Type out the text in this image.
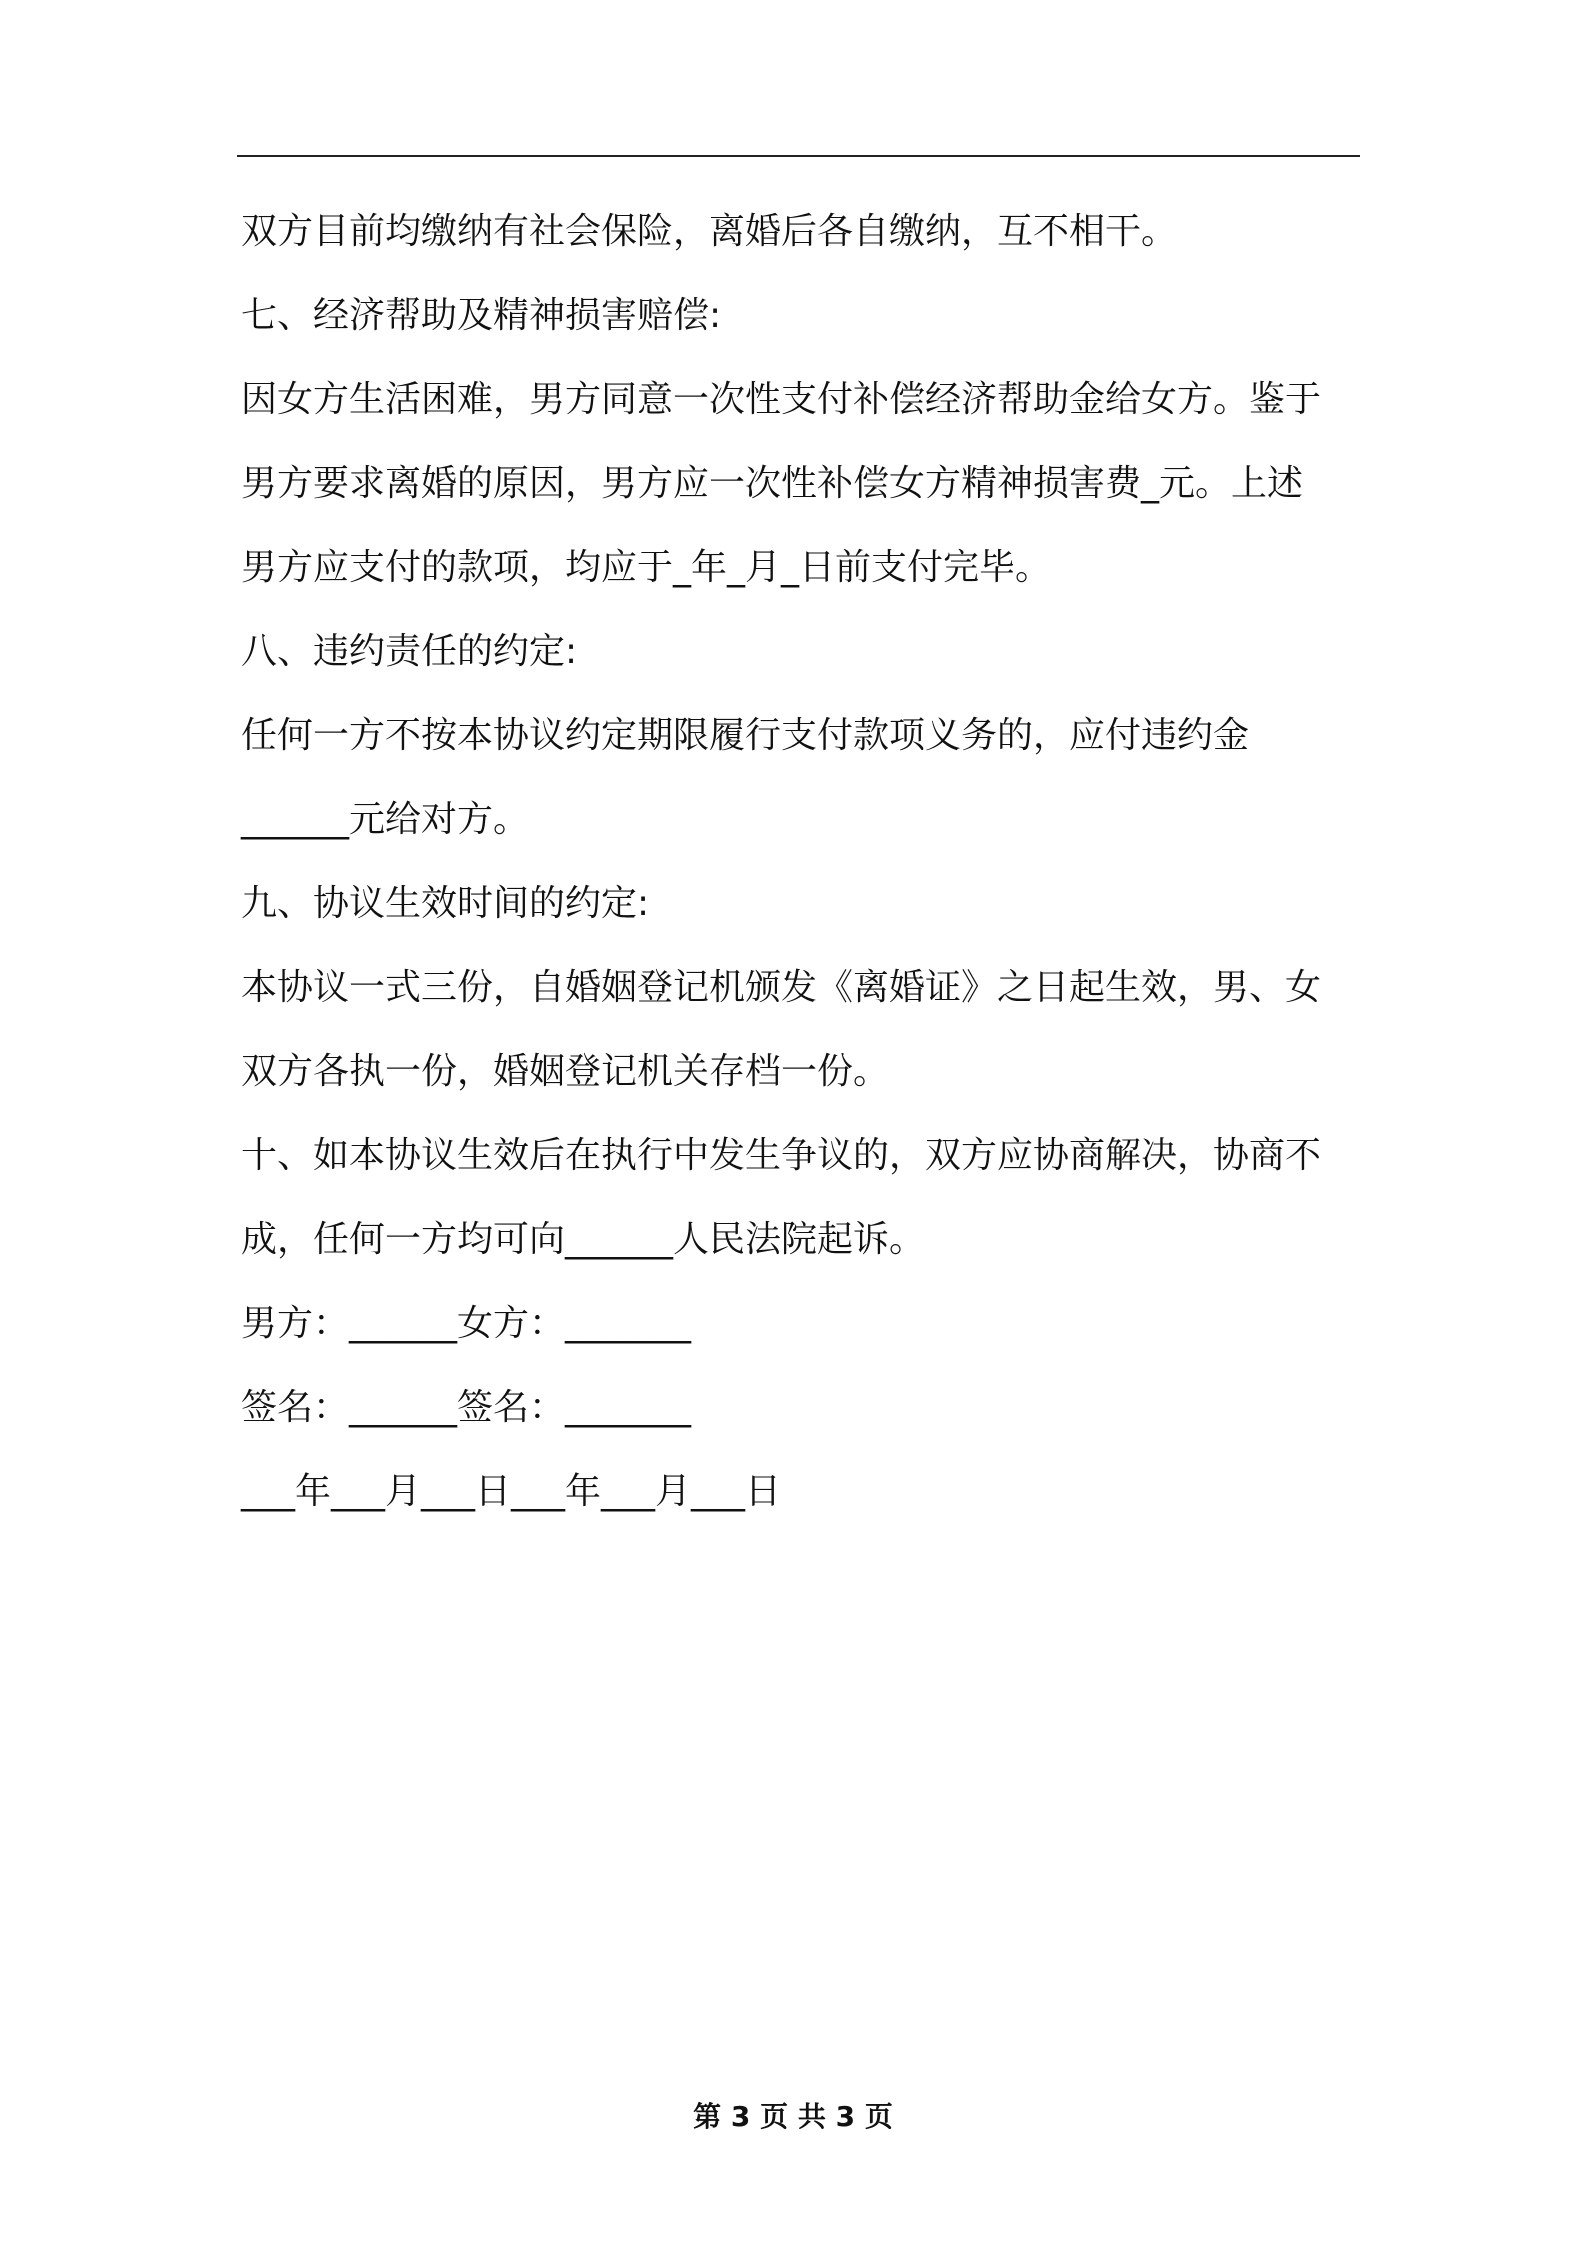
双方目前均缴纳有社会保险，离婚后各自缴纳，互不相干。
七、经济帮助及精神损害赔偿:
因女方生活困难，男方同意一次性支付补偿经济帮助金给女方。鉴于
男方要求离婚的原因，男方应一次性补偿女方精神损害费_元。上述
男方应支付的款项，均应于_年_月_日前支付完毕。
八、违约责任的约定:
任何一方不按本协议约定期限履行支付款项义务的，应付违约金
______元给对方。
九、协议生效时间的约定:
本协议一式三份，自婚姻登记机颁发《离婚证》之日起生效，男、女
双方各执一份，婚姻登记机关存档一份。
十、如本协议生效后在执行中发生争议的，双方应协商解决，协商不
成，任何一方均可向______人民法院起诉。
男方：______女方：_______
签名：______签名：_______
___年___月___日___年___月___日
第 3 页 共 3 页
